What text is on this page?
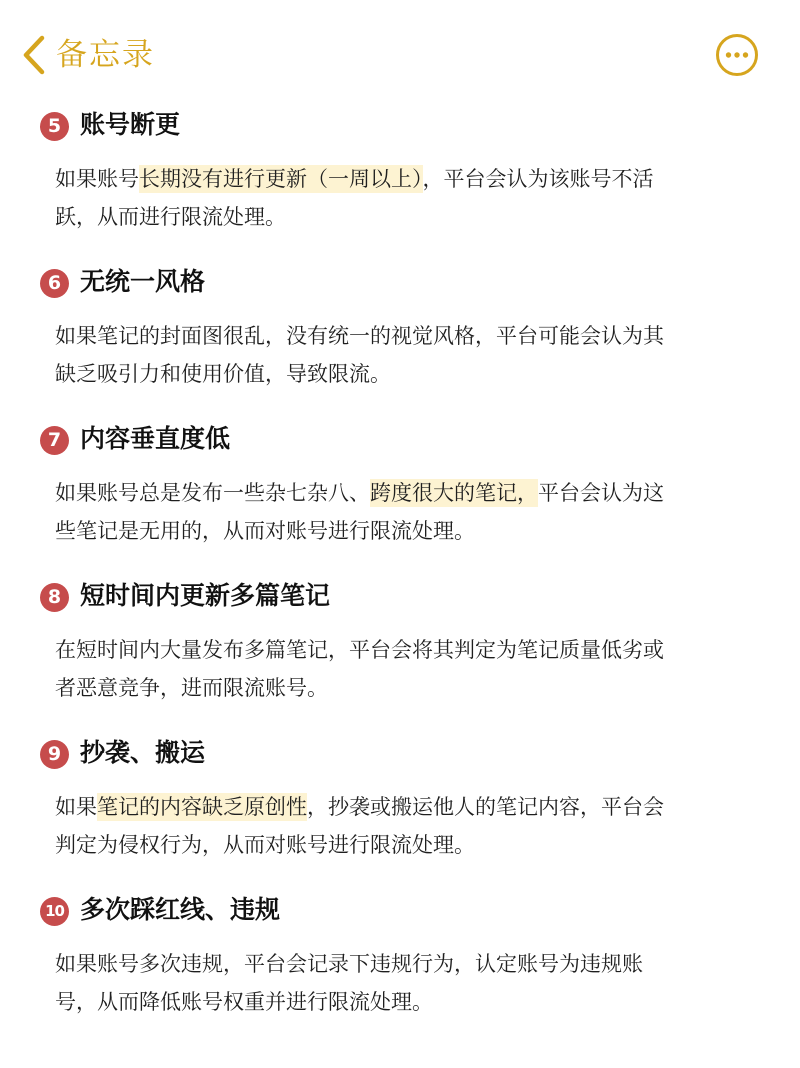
备忘录
5 账号断更
如果账号长期没有进行更新（一周以上），平台会认为该账号不活
跃，从而进行限流处理。
6 无统一风格
如果笔记的封面图很乱，没有统一的视觉风格，平台可能会认为其
缺乏吸引力和使用价值，导致限流。
7 内容垂直度低
如果账号总是发布一些杂七杂八、跨度很大的笔记，平台会认为这
些笔记是无用的，从而对账号进行限流处理。
8 短时间内更新多篇笔记
在短时间内大量发布多篇笔记，平台会将其判定为笔记质量低劣或
者恶意竞争，进而限流账号。
9 抄袭、搬运
如果笔记的内容缺乏原创性，抄袭或搬运他人的笔记内容，平台会
判定为侵权行为，从而对账号进行限流处理。
10 多次踩红线、违规
如果账号多次违规，平台会记录下违规行为，认定账号为违规账
号，从而降低账号权重并进行限流处理。
